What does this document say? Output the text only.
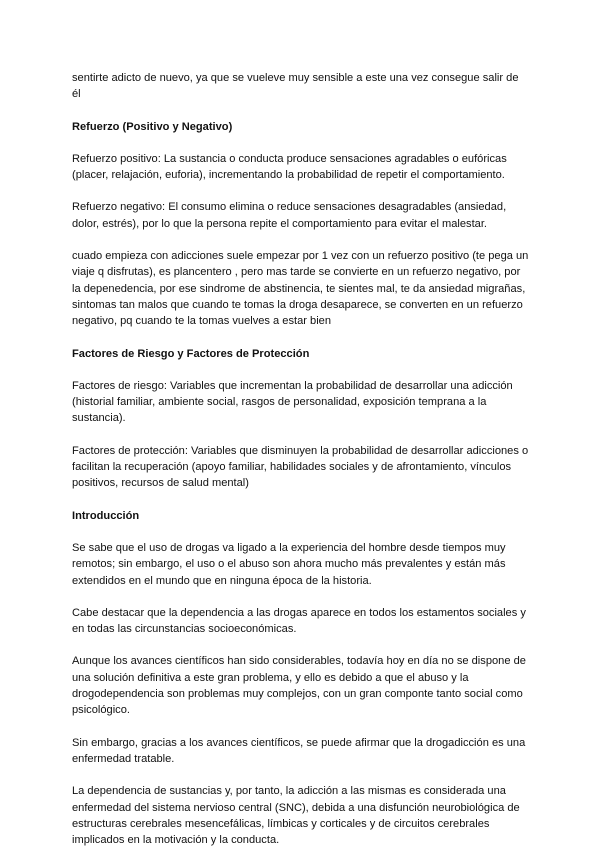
sentirte adicto de nuevo, ya que se vueleve muy sensible a este una vez consegue salir de él

Refuerzo (Positivo y Negativo)

Refuerzo positivo: La sustancia o conducta produce sensaciones agradables o eufóricas (placer, relajación, euforia), incrementando la probabilidad de repetir el comportamiento.

Refuerzo negativo: El consumo elimina o reduce sensaciones desagradables (ansiedad, dolor, estrés), por lo que la persona repite el comportamiento para evitar el malestar.

cuado empieza con adicciones suele empezar por 1 vez con un refuerzo positivo (te pega un viaje q disfrutas), es plancentero , pero mas tarde se convierte en un refuerzo negativo, por la depenedencia, por ese sindrome de abstinencia, te sientes mal, te da ansiedad migrañas, sintomas tan malos que cuando te tomas la droga desaparece, se converten en un refuerzo negativo, pq cuando te la tomas vuelves a estar bien

Factores de Riesgo y Factores de Protección

Factores de riesgo: Variables que incrementan la probabilidad de desarrollar una adicción (historial familiar, ambiente social, rasgos de personalidad, exposición temprana a la sustancia).

Factores de protección: Variables que disminuyen la probabilidad de desarrollar adicciones o facilitan la recuperación (apoyo familiar, habilidades sociales y de afrontamiento, vínculos positivos, recursos de salud mental)

Introducción

Se sabe que el uso de drogas va ligado a la experiencia del hombre desde tiempos muy remotos; sin embargo, el uso o el abuso son ahora mucho más prevalentes y están más extendidos en el mundo que en ninguna época de la historia.

Cabe destacar que la dependencia a las drogas aparece en todos los estamentos sociales y en todas las circunstancias socioeconómicas.

Aunque los avances científicos han sido considerables, todavía hoy en día no se dispone de una solución definitiva a este gran problema, y ello es debido a que el abuso y la drogodependencia son problemas muy complejos, con un gran componte tanto social como psicológico.

Sin embargo, gracias a los avances científicos, se puede afirmar que la drogadicción es una enfermedad tratable.

La dependencia de sustancias y, por tanto, la adicción a las mismas es considerada una enfermedad del sistema nervioso central (SNC), debida a una disfunción neurobiológica de estructuras cerebrales mesencefálicas, límbicas y corticales y de circuitos cerebrales implicados en la motivación y la conducta.
